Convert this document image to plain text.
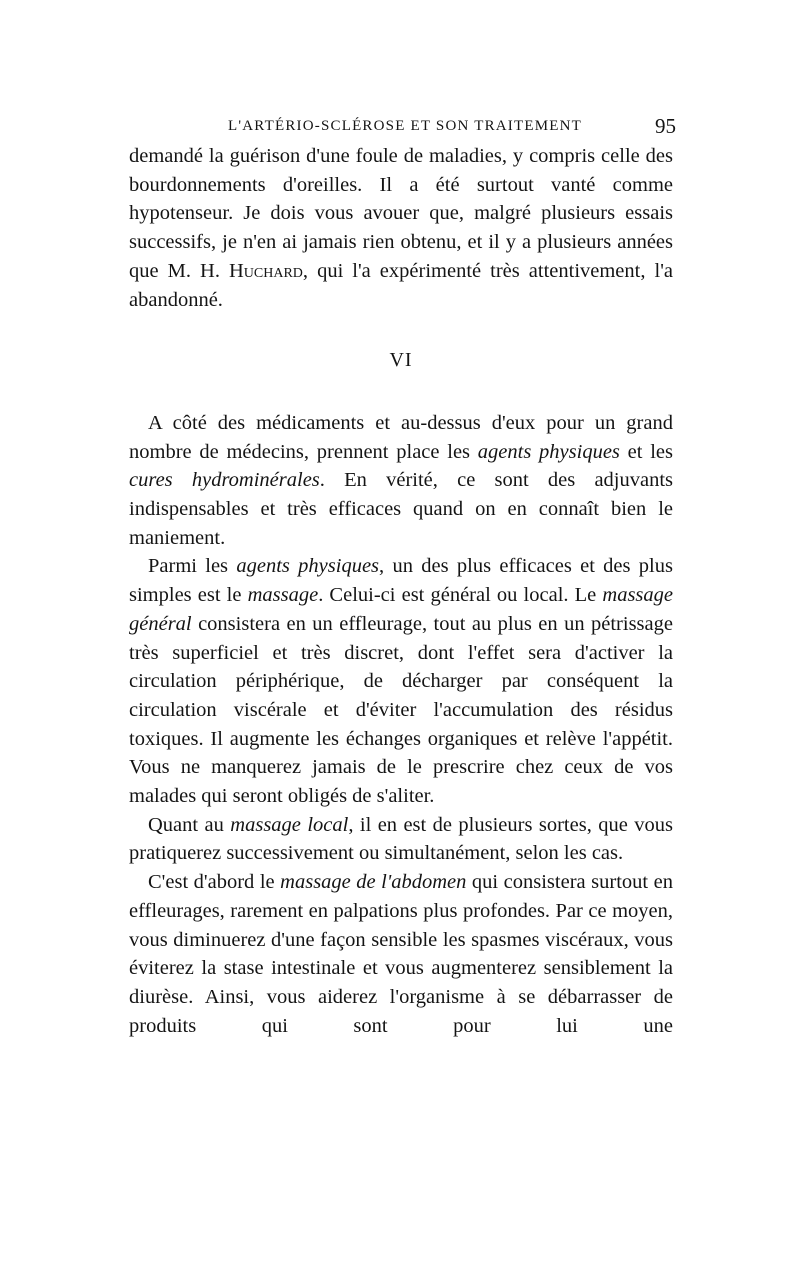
L'ARTÉRIO-SCLÉROSE ET SON TRAITEMENT	95

demandé la guérison d'une foule de maladies, y compris celle des bourdonnements d'oreilles. Il a été surtout vanté comme hypotenseur. Je dois vous avouer que, malgré plusieurs essais successifs, je n'en ai jamais rien obtenu, et il y a plusieurs années que M. H. Huchard, qui l'a expérimenté très attentivement, l'a abandonné.

VI

A côté des médicaments et au-dessus d'eux pour un grand nombre de médecins, prennent place les agents physiques et les cures hydrominérales. En vérité, ce sont des adjuvants indispensables et très efficaces quand on en connaît bien le maniement.

Parmi les agents physiques, un des plus efficaces et des plus simples est le massage. Celui-ci est général ou local. Le massage général consistera en un effleurage, tout au plus en un pétrissage très superficiel et très discret, dont l'effet sera d'activer la circulation périphérique, de décharger par conséquent la circulation viscérale et d'éviter l'accumulation des résidus toxiques. Il augmente les échanges organiques et relève l'appétit. Vous ne manquerez jamais de le prescrire chez ceux de vos malades qui seront obligés de s'aliter.

Quant au massage local, il en est de plusieurs sortes, que vous pratiquerez successivement ou simultanément, selon les cas.

C'est d'abord le massage de l'abdomen qui consistera surtout en effleurages, rarement en palpations plus profondes. Par ce moyen, vous diminuerez d'une façon sensible les spasmes viscéraux, vous éviterez la stase intestinale et vous augmenterez sensiblement la diurèse. Ainsi, vous aiderez l'organisme à se débarrasser de produits qui sont pour lui une
